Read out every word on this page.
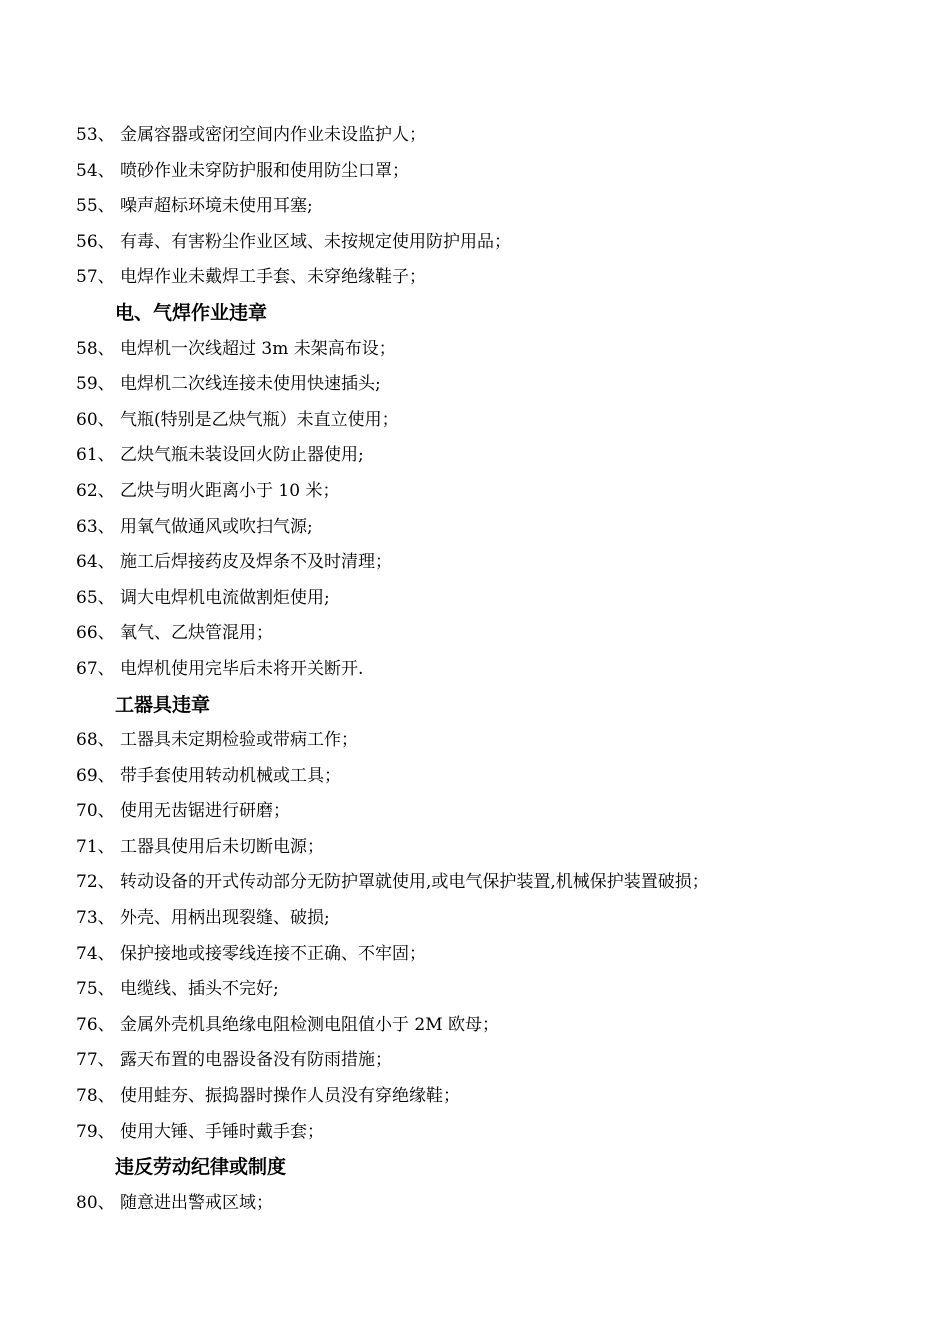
53、 金属容器或密闭空间内作业未设监护人；
54、 喷砂作业未穿防护服和使用防尘口罩；
55、 噪声超标环境未使用耳塞;
56、 有毒、有害粉尘作业区域、未按规定使用防护用品；
57、 电焊作业未戴焊工手套、未穿绝缘鞋子；
电、气焊作业违章
58、 电焊机一次线超过 3m 未架高布设；
59、 电焊机二次线连接未使用快速插头;
60、 气瓶(特别是乙炔气瓶）未直立使用；
61、 乙炔气瓶未装设回火防止器使用;
62、 乙炔与明火距离小于 10 米；
63、 用氧气做通风或吹扫气源;
64、 施工后焊接药皮及焊条不及时清理；
65、 调大电焊机电流做割炬使用;
66、 氧气、乙炔管混用；
67、 电焊机使用完毕后未将开关断开.
工器具违章
68、 工器具未定期检验或带病工作；
69、 带手套使用转动机械或工具；
70、 使用无齿锯进行研磨；
71、 工器具使用后未切断电源；
72、 转动设备的开式传动部分无防护罩就使用,或电气保护装置,机械保护装置破损；
73、 外壳、用柄出现裂缝、破损;
74、 保护接地或接零线连接不正确、不牢固；
75、 电缆线、插头不完好;
76、 金属外壳机具绝缘电阻检测电阻值小于 2M 欧母；
77、 露天布置的电器设备没有防雨措施；
78、 使用蛙夯、振捣器时操作人员没有穿绝缘鞋；
79、 使用大锤、手锤时戴手套；
违反劳动纪律或制度
80、 随意进出警戒区域；
